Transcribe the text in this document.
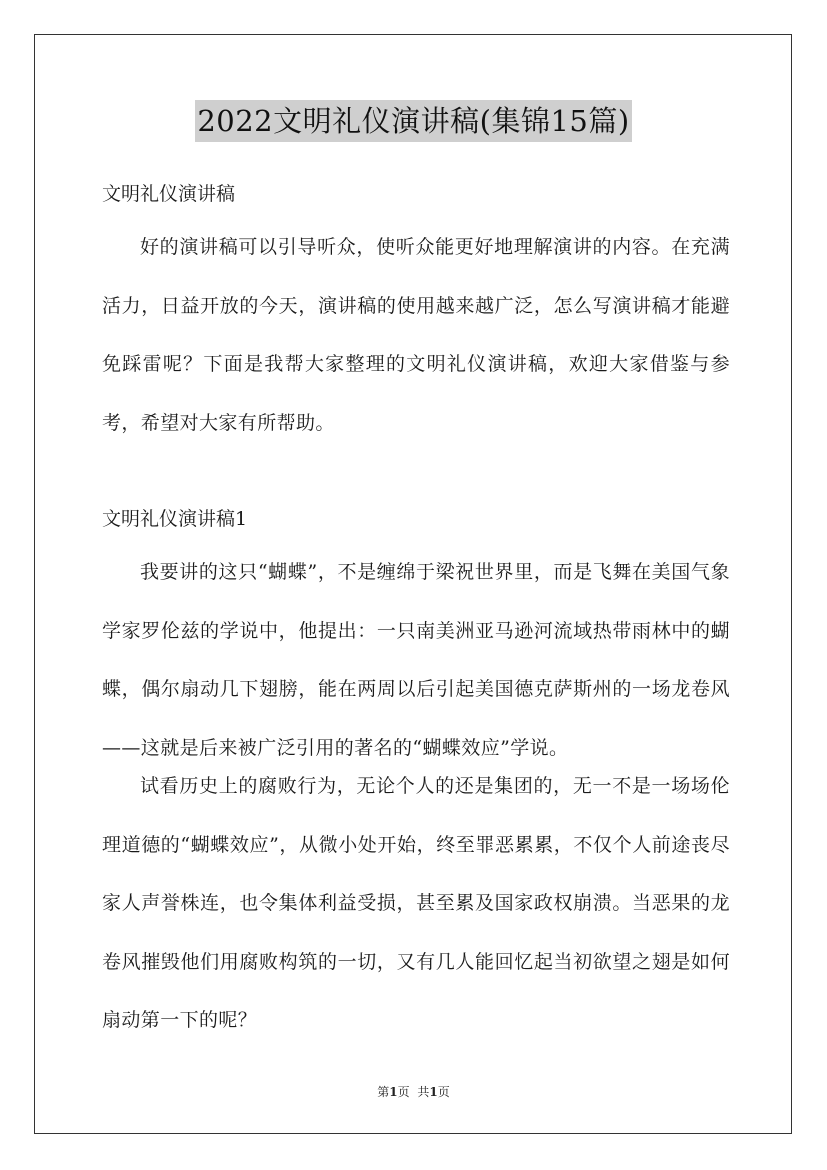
2022文明礼仪演讲稿(集锦15篇)
文明礼仪演讲稿

好的演讲稿可以引导听众，使听众能更好地理解演讲的内容。在充满活力，日益开放的今天，演讲稿的使用越来越广泛，怎么写演讲稿才能避免踩雷呢？下面是我帮大家整理的文明礼仪演讲稿，欢迎大家借鉴与参考，希望对大家有所帮助。

文明礼仪演讲稿1

我要讲的这只“蝴蝶”，不是缠绵于梁祝世界里，而是飞舞在美国气象学家罗伦兹的学说中，他提出：一只南美洲亚马逊河流域热带雨林中的蝴蝶，偶尔扇动几下翅膀，能在两周以后引起美国德克萨斯州的一场龙卷风——这就是后来被广泛引用的著名的“蝴蝶效应”学说。

试看历史上的腐败行为，无论个人的还是集团的，无一不是一场场伦理道德的“蝴蝶效应”，从微小处开始，终至罪恶累累，不仅个人前途丧尽家人声誉株连，也令集体利益受损，甚至累及国家政权崩溃。当恶果的龙卷风摧毁他们用腐败构筑的一切，又有几人能回忆起当初欲望之翅是如何扇动第一下的呢？

第1页 共1页
